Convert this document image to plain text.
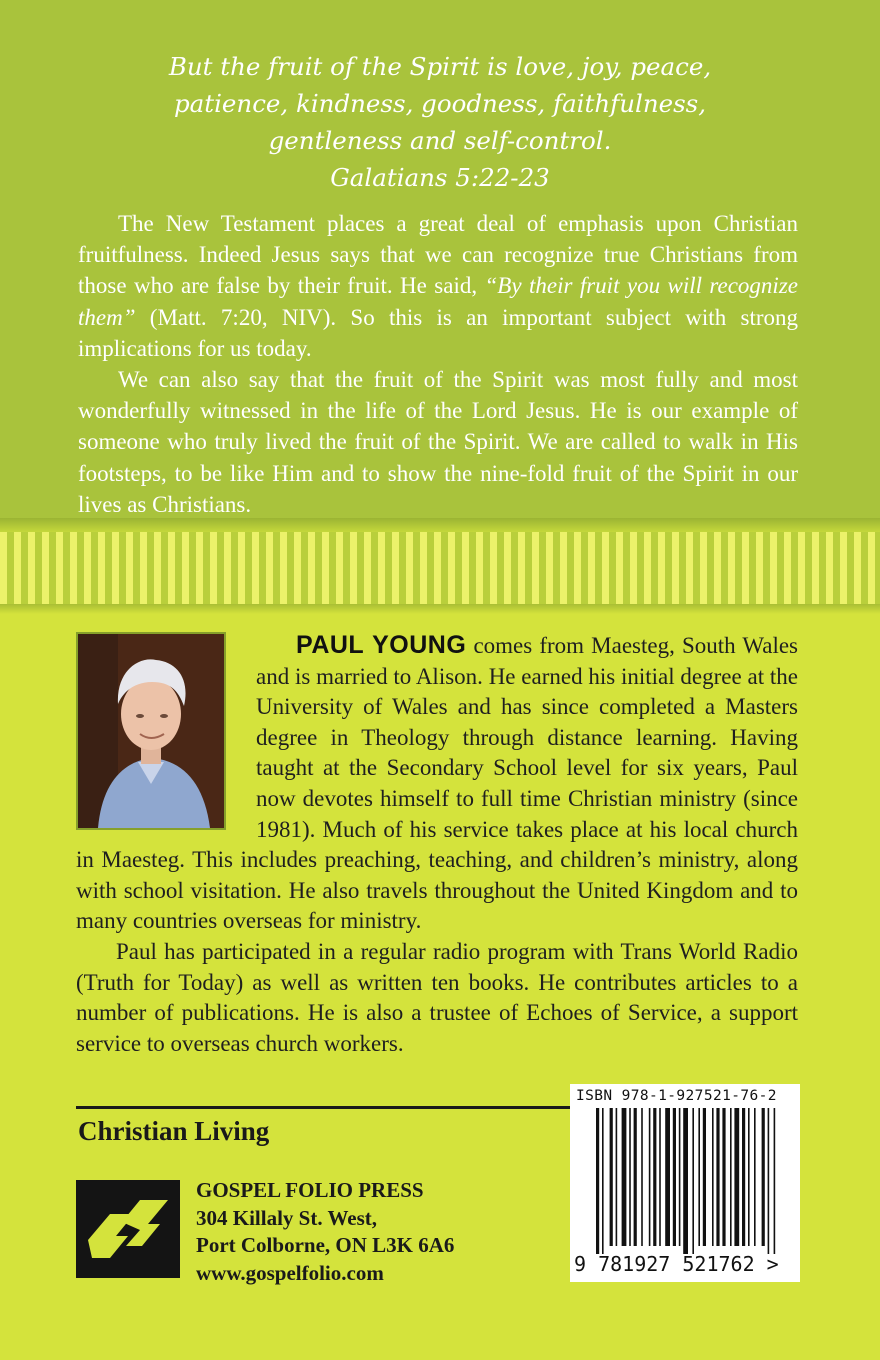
But the fruit of the Spirit is love, joy, peace,
patience, kindness, goodness, faithfulness,
gentleness and self-control.
Galatians 5:22-23

The New Testament places a great deal of emphasis upon Christian fruitfulness. Indeed Jesus says that we can recognize true Christians from those who are false by their fruit. He said, “By their fruit you will recognize them” (Matt. 7:20, NIV). So this is an important subject with strong implications for us today.

We can also say that the fruit of the Spirit was most fully and most wonderfully witnessed in the life of the Lord Jesus. He is our example of someone who truly lived the fruit of the Spirit. We are called to walk in His footsteps, to be like Him and to show the nine-fold fruit of the Spirit in our lives as Christians.

PAUL YOUNG comes from Maesteg, South Wales and is married to Alison. He earned his initial degree at the University of Wales and has since completed a Masters degree in Theology through distance learning. Having taught at the Secondary School level for six years, Paul now devotes himself to full time Christian ministry (since 1981). Much of his service takes place at his local church in Maesteg. This includes preaching, teaching, and children’s ministry, along with school visitation. He also travels throughout the United Kingdom and to many countries overseas for ministry.

Paul has participated in a regular radio program with Trans World Radio (Truth for Today) as well as written ten books. He contributes articles to a number of publications. He is also a trustee of Echoes of Service, a support service to overseas church workers.

Christian Living
GOSPEL FOLIO PRESS
304 Killaly St. West,
Port Colborne, ON L3K 6A6
www.gospelfolio.com
ISBN 978-1-927521-76-2
9 781927 521762 >
